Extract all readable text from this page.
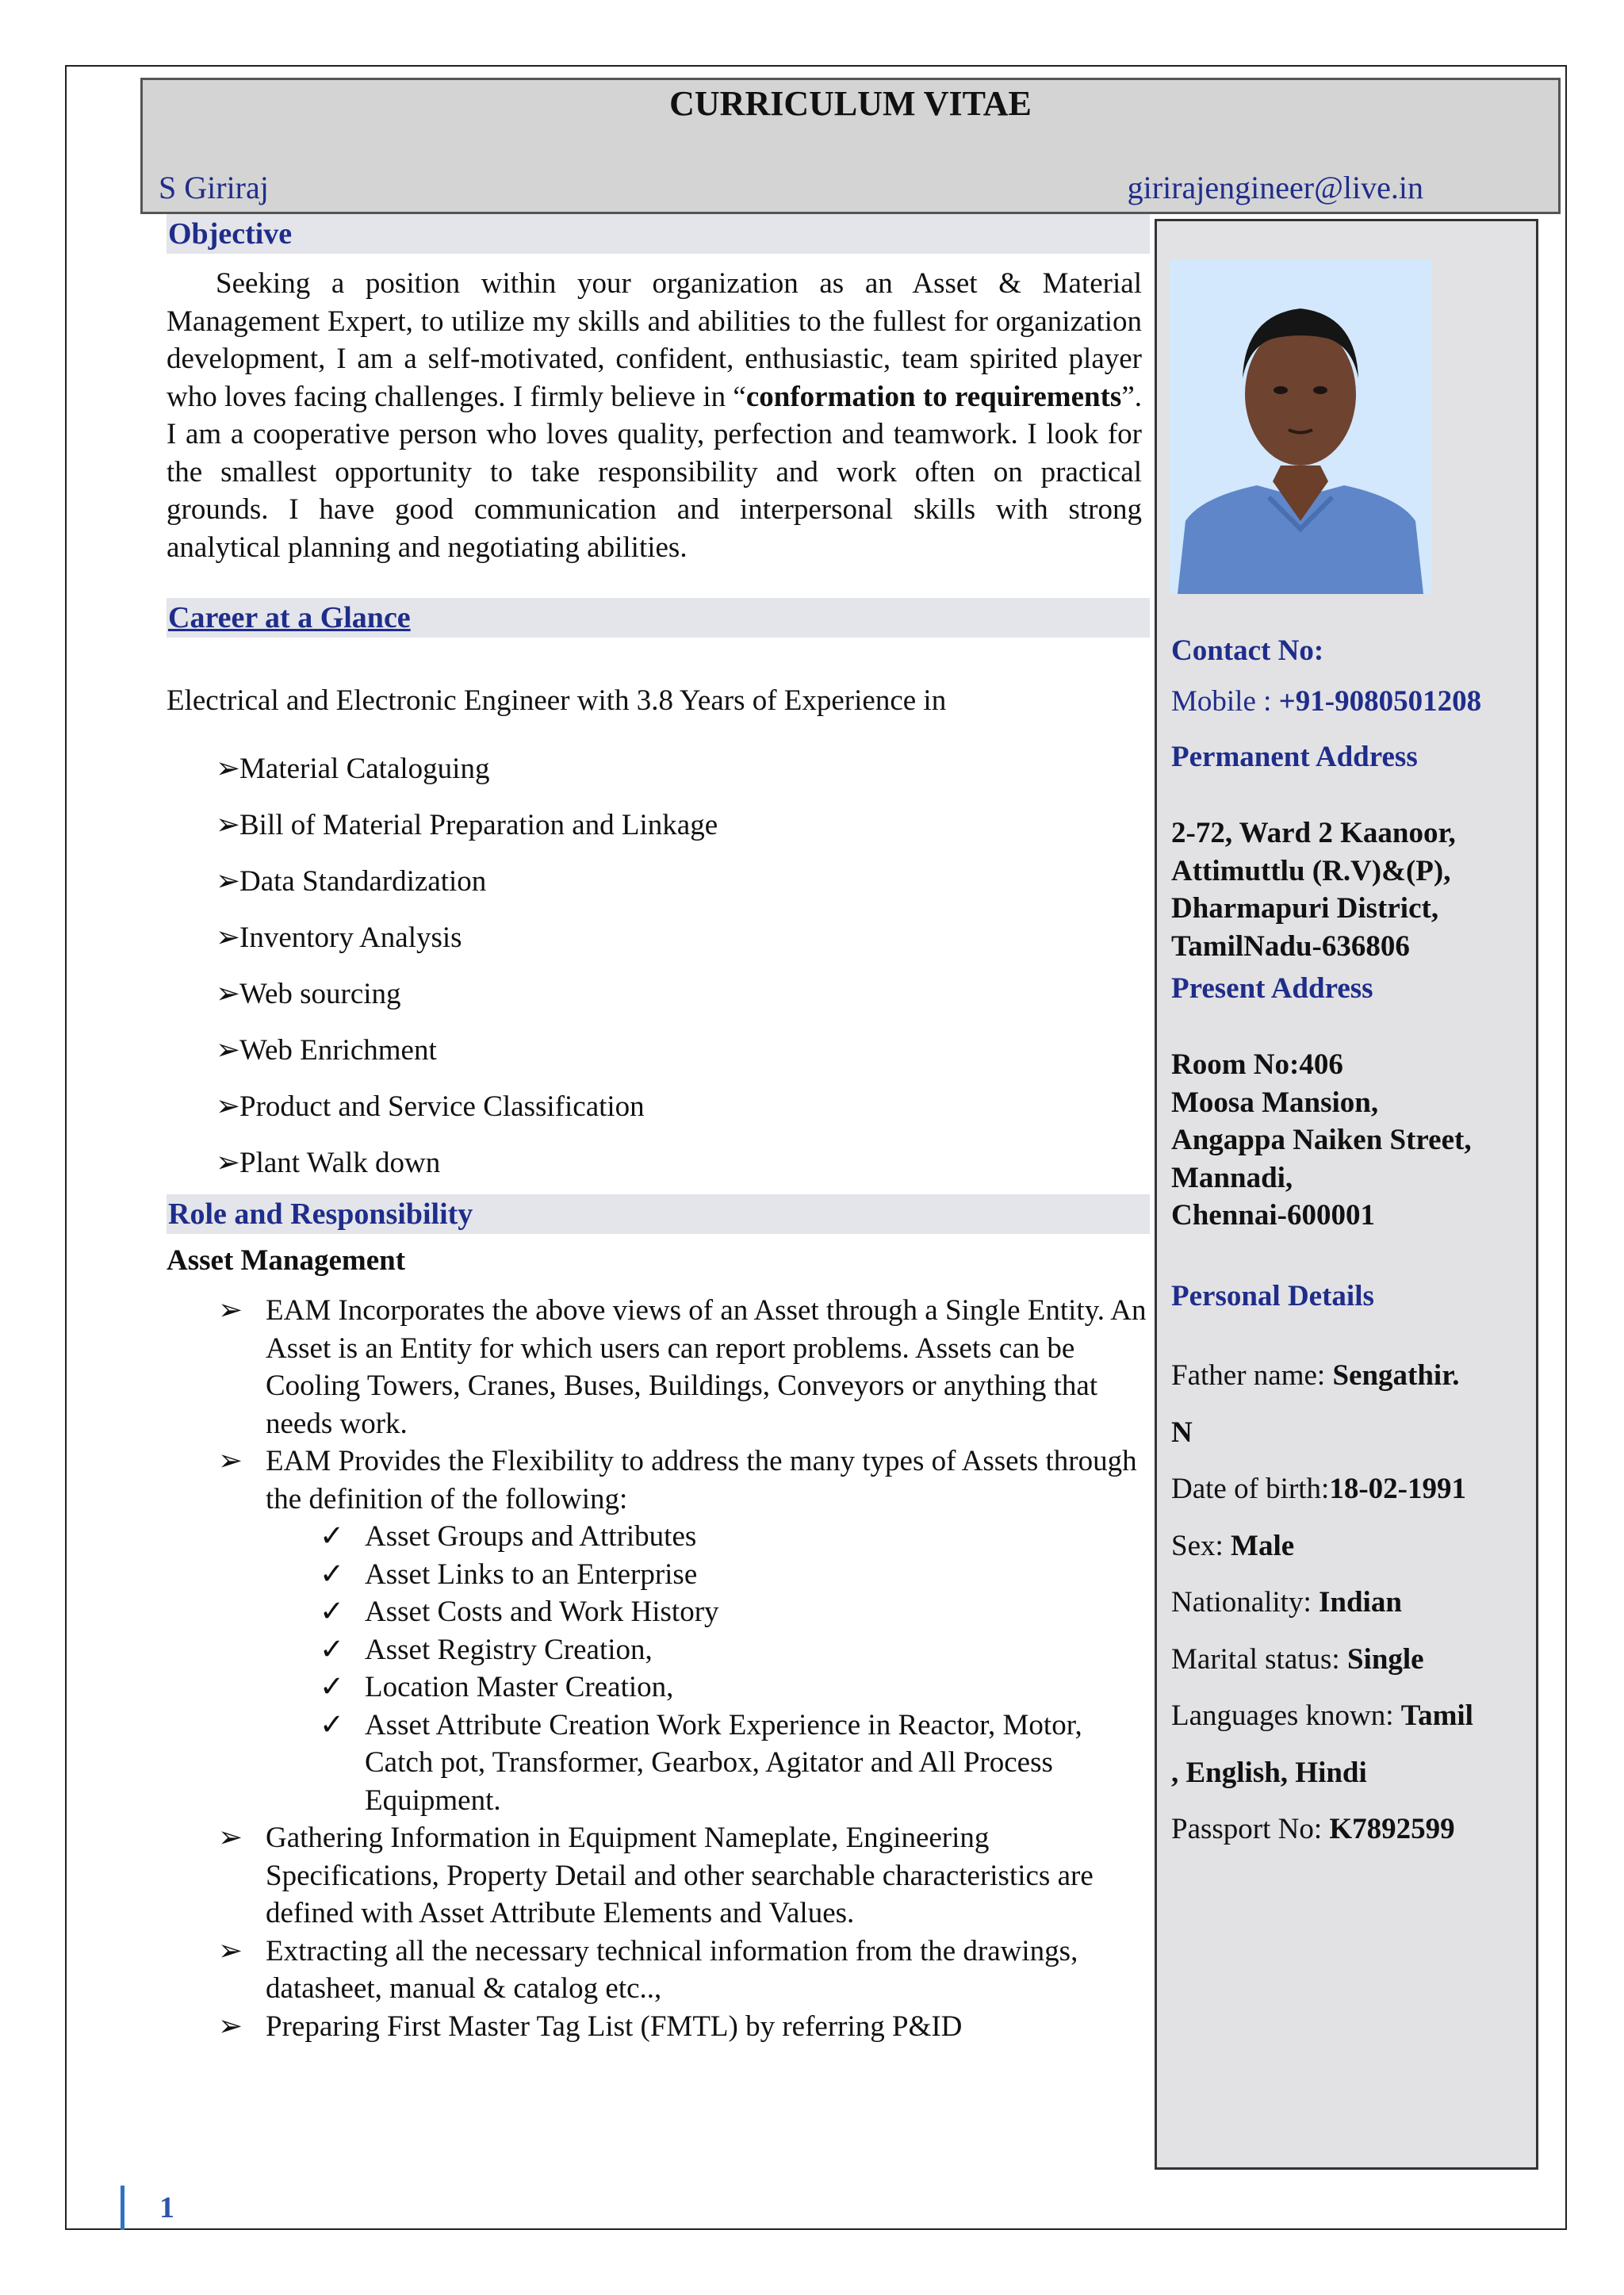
CURRICULUM VITAE
S Giriraj	girirajengineer@live.in
Objective

Seeking a position within your organization as an Asset & Material Management Expert, to utilize my skills and abilities to the fullest for organization development, I am a self-motivated, confident, enthusiastic, team spirited player who loves facing challenges. I firmly believe in “conformation to requirements”. I am a cooperative person who loves quality, perfection and teamwork. I look for the smallest opportunity to take responsibility and work often on practical grounds. I have good communication and interpersonal skills with strong analytical planning and negotiating abilities.

Career at a Glance

Electrical and Electronic Engineer with 3.8 Years of Experience in

➢Material Cataloguing
➢Bill of Material Preparation and Linkage
➢Data Standardization
➢Inventory Analysis
➢Web sourcing
➢Web Enrichment
➢Product and Service Classification
➢Plant Walk down
Role and Responsibility
Asset Management
➢ EAM Incorporates the above views of an Asset through a Single Entity. An Asset is an Entity for which users can report problems. Assets can be Cooling Towers, Cranes, Buses, Buildings, Conveyors or anything that needs work.
➢ EAM Provides the Flexibility to address the many types of Assets through the definition of the following:
✓ Asset Groups and Attributes
✓ Asset Links to an Enterprise
✓ Asset Costs and Work History
✓ Asset Registry Creation,
✓ Location Master Creation,
✓ Asset Attribute Creation Work Experience in Reactor, Motor, Catch pot, Transformer, Gearbox, Agitator and All Process Equipment.
➢ Gathering Information in Equipment Nameplate, Engineering Specifications, Property Detail and other searchable characteristics are defined with Asset Attribute Elements and Values.
➢ Extracting all the necessary technical information from the drawings, datasheet, manual & catalog etc..,
➢ Preparing First Master Tag List (FMTL) by referring P&ID
Contact No:
Mobile : +91-9080501208
Permanent Address
2-72, Ward 2 Kaanoor,
Attimuttlu (R.V)&(P),
Dharmapuri District,
TamilNadu-636806
Present Address
Room No:406
Moosa Mansion,
Angappa Naiken Street,
Mannadi,
Chennai-600001
Personal Details
Father name: Sengathir.
N
Date of birth:18-02-1991
Sex: Male
Nationality: Indian
Marital status: Single
Languages known: Tamil
, English, Hindi
Passport No: K7892599
1
